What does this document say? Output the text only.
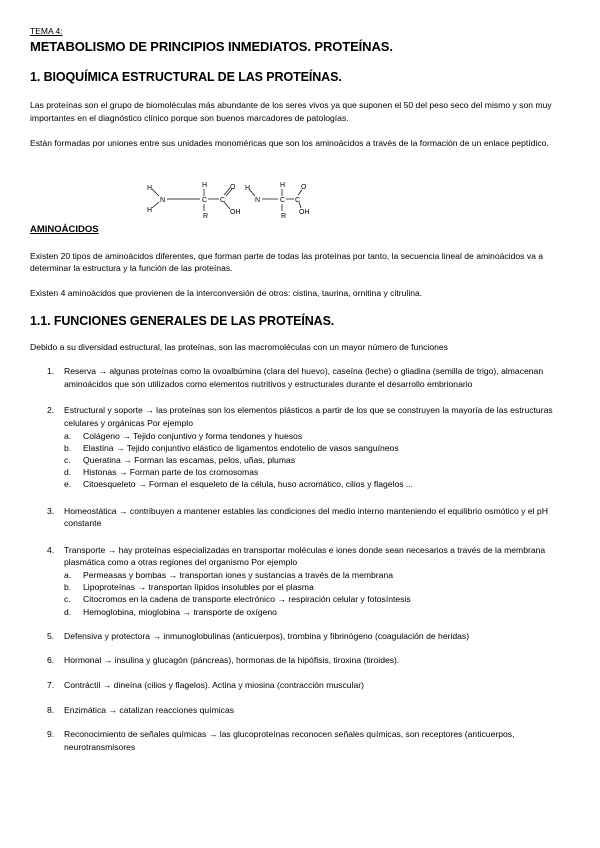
TEMA 4:

METABOLISMO DE PRINCIPIOS INMEDIATOS. PROTEÍNAS.
1. BIOQUÍMICA ESTRUCTURAL DE LAS PROTEÍNAS.

Las proteínas son el grupo de biomoléculas más abundante de los seres vivos ya que suponen el 50 del peso seco del mismo y son muy importantes en el diagnóstico clínico porque son buenos marcadores de patologías.

Están formadas por uniones entre sus unidades monoméricas que son los aminoácidos a través de la formación de un enlace peptídico.

AMINOÁCIDOS

Existen 20 tipos de aminoácidos diferentes, que forman parte de todas las proteínas por tanto, la secuencia lineal de aminoácidos va a determinar la estructura y la función de las proteínas.

Existen 4 aminoácidos que provienen de la interconversión de otros: cistina, taurina, ornitina y citrulina.

1.1. FUNCIONES GENERALES DE LAS PROTEÍNAS.

Debido a su diversidad estructural, las proteínas, son las macromoléculas con un mayor número de funciones

1. Reserva → algunas proteínas como la ovoalbúmina (clara del huevo), caseína (leche) o gliadina (semilla de trigo), almacenan aminoácidos que son utilizados como elementos nutritivos y estructurales durante el desarrollo embrionario
2. Estructural y soporte → las proteínas son los elementos plásticos a partir de los que se construyen la mayoría de las estructuras celulares y orgánicas Por ejemplo
a. Colágeno → Tejido conjuntivo y forma tendones y huesos
b. Elastina → Tejido conjuntivo elástico de ligamentos endotelio de vasos sanguíneos
c. Queratina → Forman las escamas, pelos, uñas, plumas
d. Histonas → Forman parte de los cromosomas
e. Citoesqueleto → Forman el esqueleto de la célula, huso acromático, cilios y flagelos ...
3. Homeostática → contribuyen a mantener estables las condiciones del medio interno manteniendo el equilibrio osmótico y el pH constante
4. Transporte → hay proteínas especializadas en transportar moléculas e iones donde sean necesarios a través de la membrana plasmática como a otras regiones del organismo Por ejemplo
a. Permeasas y bombas → transportan iones y sustancias a través de la membrana
b. Lipoproteínas → transportan lípidos insolubles por el plasma
c. Citocromos en la cadena de transporte electrónico → respiración celular y fotosíntesis
d. Hemoglobina, mioglobina → transporte de oxígeno
5. Defensiva y protectora → inmunoglobulinas (anticuerpos), trombina y fibrinógeno (coagulación de heridas)
6. Hormonal → insulina y glucagón (páncreas), hormonas de la hipófisis, tiroxina (tiroides).
7. Contráctil → dineína (cilios y flagelos). Actina y miosina (contracción muscular)
8. Enzimática → catalizan reacciones químicas
9. Reconocimiento de señales químicas → las glucoproteínas reconocen señales químicas, son receptores (anticuerpos, neurotransmisores
H
H
N
H
C C
O
OH
R
H
N
H
C C
O
OH
R
